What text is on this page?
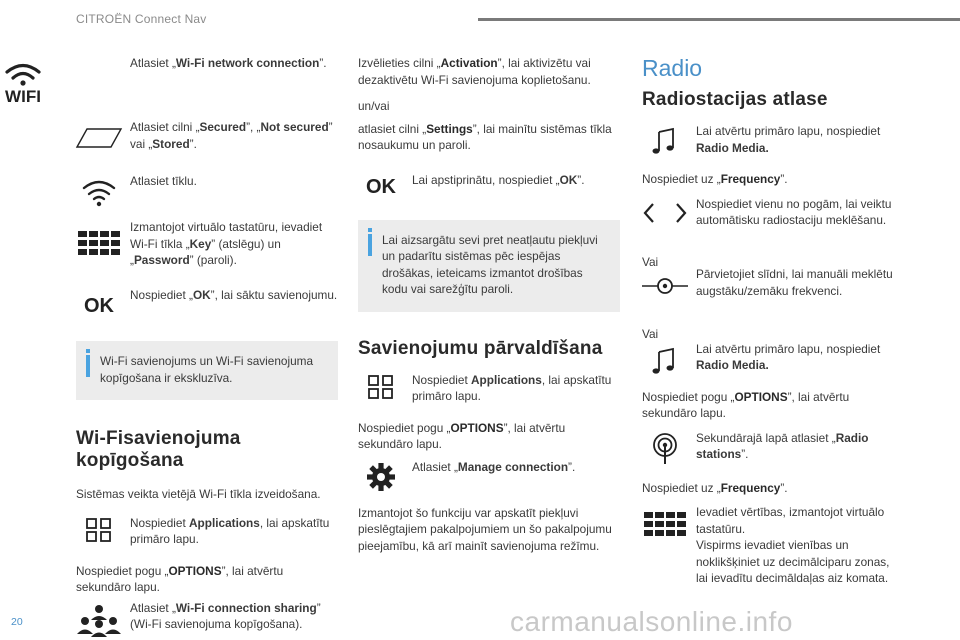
CITROËN Connect Nav
WIFI
Atlasiet „Wi-Fi network connection”.
Atlasiet cilni „Secured”, „Not secured” vai „Stored”.
Atlasiet tīklu.
Izmantojot virtuālo tastatūru, ievadiet Wi-Fi tīkla „Key” (atslēgu) un „Password” (paroli).
OK Nospiediet „OK”, lai sāktu savienojumu.
Wi-Fi savienojums un Wi-Fi savienojuma kopīgošana ir ekskluzīva.
Wi-Fisavienojuma kopīgošana
Sistēmas veikta vietējā Wi-Fi tīkla izveidošana.
Nospiediet Applications, lai apskatītu primāro lapu.
Nospiediet pogu „OPTIONS”, lai atvērtu sekundāro lapu.
Atlasiet „Wi-Fi connection sharing” (Wi-Fi savienojuma kopīgošana).
Izvēlieties cilni „Activation”, lai aktivizētu vai dezaktivētu Wi-Fi savienojuma koplietošanu.
un/vai
atlasiet cilni „Settings”, lai mainītu sistēmas tīkla nosaukumu un paroli.
OK Lai apstiprinātu, nospiediet „OK”.
Lai aizsargātu sevi pret neatļautu piekļuvi un padarītu sistēmas pēc iespējas drošākas, ieteicams izmantot drošības kodu vai sarežģītu paroli.
Savienojumu pārvaldīšana
Nospiediet Applications, lai apskatītu primāro lapu.
Nospiediet pogu „OPTIONS”, lai atvērtu sekundāro lapu.
Atlasiet „Manage connection”.
Izmantojot šo funkciju var apskatīt piekļuvi pieslēgtajiem pakalpojumiem un šo pakalpojumu pieejamību, kā arī mainīt savienojuma režīmu.
Radio
Radiostacijas atlase
Lai atvērtu primāro lapu, nospiediet Radio Media.
Nospiediet uz „Frequency”.
Nospiediet vienu no pogām, lai veiktu automātisku radiostaciju meklēšanu.
Vai
Pārvietojiet slīdni, lai manuāli meklētu augstāku/zemāku frekvenci.
Vai
Lai atvērtu primāro lapu, nospiediet Radio Media.
Nospiediet pogu „OPTIONS”, lai atvērtu sekundāro lapu.
Sekundārajā lapā atlasiet „Radio stations”.
Nospiediet uz „Frequency”.
Ievadiet vērtības, izmantojot virtuālo tastatūru.
Vispirms ievadiet vienības un noklikšķiniet uz decimālciparu zonas, lai ievadītu decimāldaļas aiz komata.
20	carmanualsonline.info
